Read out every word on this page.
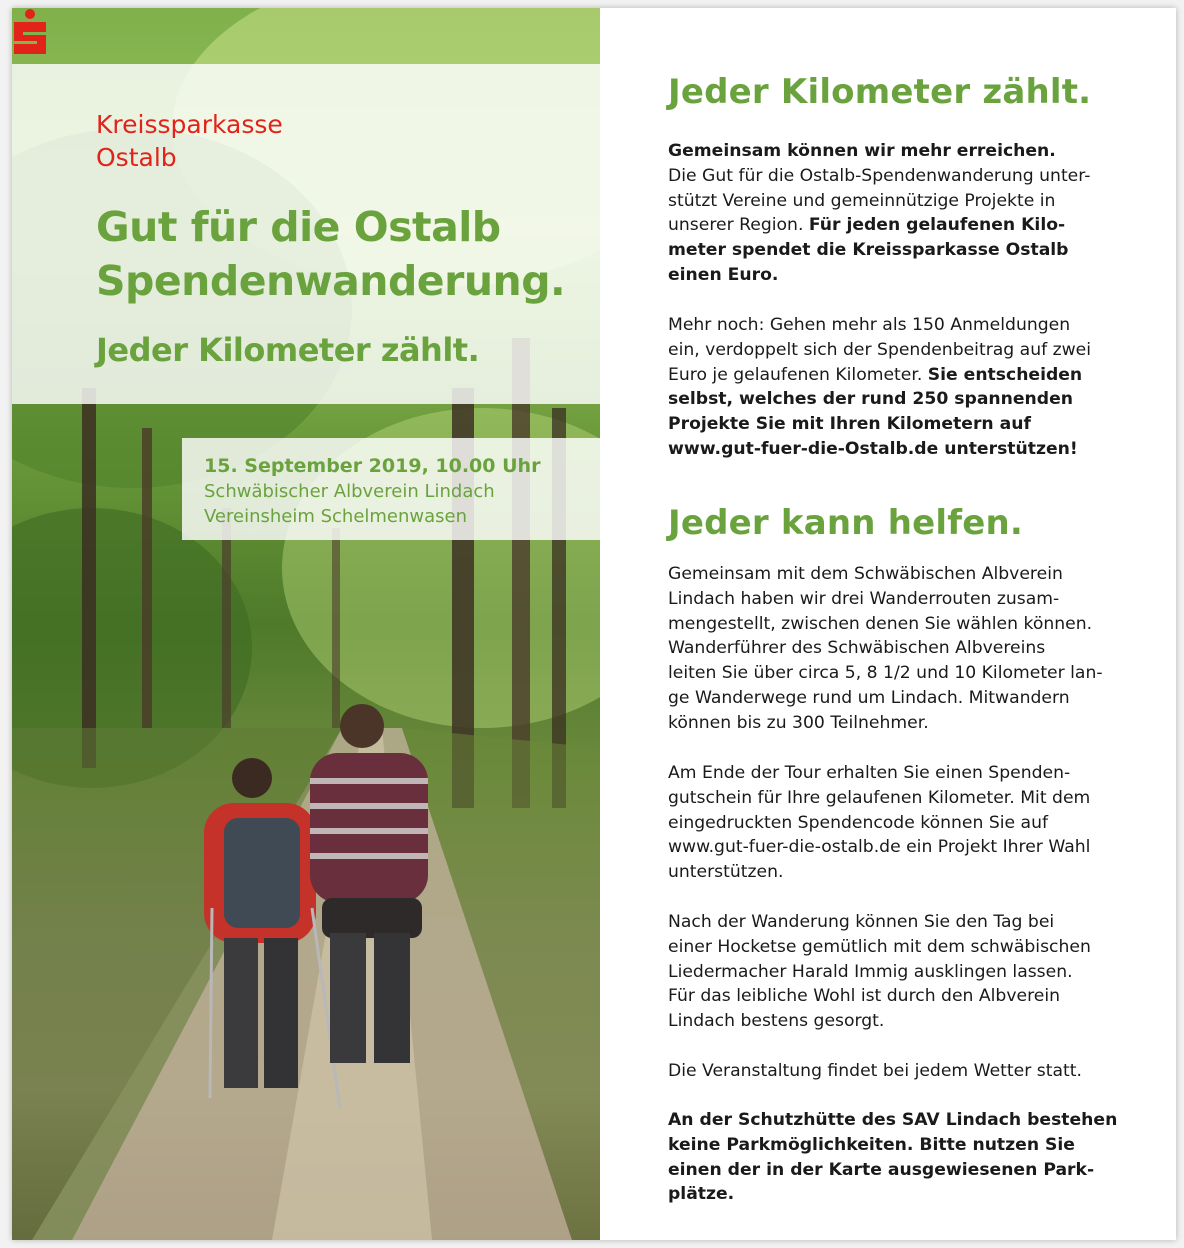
Kreissparkasse
Ostalb
Gut für die Ostalb
Spendenwanderung.
Jeder Kilometer zählt.
15. September 2019, 10.00 Uhr
Schwäbischer Albverein Lindach
Vereinsheim Schelmenwasen
Jeder Kilometer zählt.

Gemeinsam können wir mehr erreichen.

Die Gut für die Ostalb-Spendenwanderung unter-

stützt Vereine und gemeinnützige Projekte in

unserer Region. Für jeden gelaufenen Kilo-

meter spendet die Kreissparkasse Ostalb

einen Euro.

Mehr noch: Gehen mehr als 150 Anmeldungen

ein, verdoppelt sich der Spendenbeitrag auf zwei

Euro je gelaufenen Kilometer. Sie entscheiden

selbst, welches der rund 250 spannenden

Projekte Sie mit Ihren Kilometern auf

www.gut-fuer-die-Ostalb.de unterstützen!

Jeder kann helfen.

Gemeinsam mit dem Schwäbischen Albverein

Lindach haben wir drei Wanderrouten zusam-

mengestellt, zwischen denen Sie wählen können.

Wanderführer des Schwäbischen Albvereins

leiten Sie über circa 5, 8 1/2 und 10 Kilometer lan-

ge Wanderwege rund um Lindach. Mitwandern

können bis zu 300 Teilnehmer.

Am Ende der Tour erhalten Sie einen Spenden-

gutschein für Ihre gelaufenen Kilometer. Mit dem

eingedruckten Spendencode können Sie auf

www.gut-fuer-die-ostalb.de ein Projekt Ihrer Wahl

unterstützen.

Nach der Wanderung können Sie den Tag bei

einer Hocketse gemütlich mit dem schwäbischen

Liedermacher Harald Immig ausklingen lassen.

Für das leibliche Wohl ist durch den Albverein

Lindach bestens gesorgt.

Die Veranstaltung findet bei jedem Wetter statt.

An der Schutzhütte des SAV Lindach bestehen

keine Parkmöglichkeiten. Bitte nutzen Sie

einen der in der Karte ausgewiesenen Park-

plätze.
